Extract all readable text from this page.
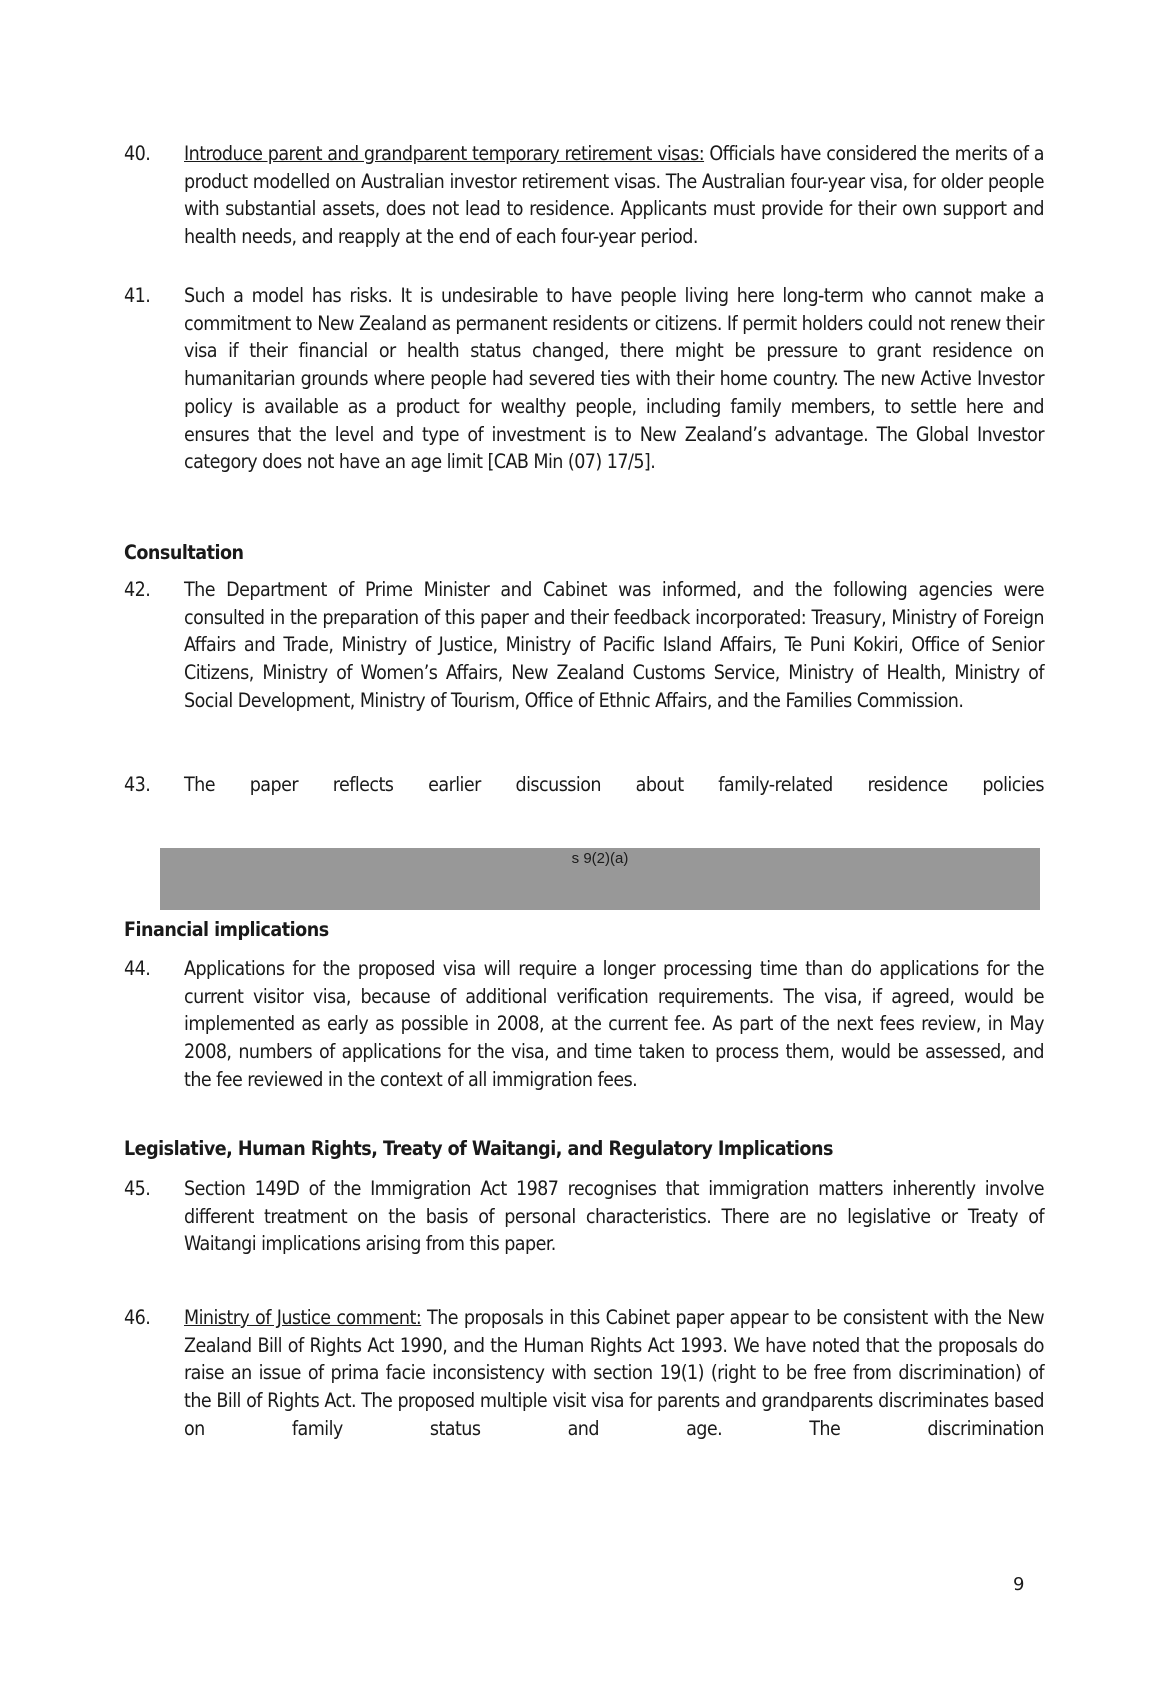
40.	Introduce parent and grandparent temporary retirement visas: Officials have considered the merits of a product modelled on Australian investor retirement visas. The Australian four-year visa, for older people with substantial assets, does not lead to residence. Applicants must provide for their own support and health needs, and reapply at the end of each four-year period.
41.	Such a model has risks. It is undesirable to have people living here long-term who cannot make a commitment to New Zealand as permanent residents or citizens. If permit holders could not renew their visa if their financial or health status changed, there might be pressure to grant residence on humanitarian grounds where people had severed ties with their home country. The new Active Investor policy is available as a product for wealthy people, including family members, to settle here and ensures that the level and type of investment is to New Zealand’s advantage. The Global Investor category does not have an age limit [CAB Min (07) 17/5].
Consultation
42.	The Department of Prime Minister and Cabinet was informed, and the following agencies were consulted in the preparation of this paper and their feedback incorporated: Treasury, Ministry of Foreign Affairs and Trade, Ministry of Justice, Ministry of Pacific Island Affairs, Te Puni Kokiri, Office of Senior Citizens, Ministry of Women’s Affairs, New Zealand Customs Service, Ministry of Health, Ministry of Social Development, Ministry of Tourism, Office of Ethnic Affairs, and the Families Commission.
43.	The paper reflects earlier discussion about family-related residence policies
s 9(2)(a)
Financial implications
44.	Applications for the proposed visa will require a longer processing time than do applications for the current visitor visa, because of additional verification requirements. The visa, if agreed, would be implemented as early as possible in 2008, at the current fee. As part of the next fees review, in May 2008, numbers of applications for the visa, and time taken to process them, would be assessed, and the fee reviewed in the context of all immigration fees.
Legislative, Human Rights, Treaty of Waitangi, and Regulatory Implications
45.	Section 149D of the Immigration Act 1987 recognises that immigration matters inherently involve different treatment on the basis of personal characteristics. There are no legislative or Treaty of Waitangi implications arising from this paper.
46.	Ministry of Justice comment: The proposals in this Cabinet paper appear to be consistent with the New Zealand Bill of Rights Act 1990, and the Human Rights Act 1993. We have noted that the proposals do raise an issue of prima facie inconsistency with section 19(1) (right to be free from discrimination) of the Bill of Rights Act. The proposed multiple visit visa for parents and grandparents discriminates based on family status and age. The discrimination
9
